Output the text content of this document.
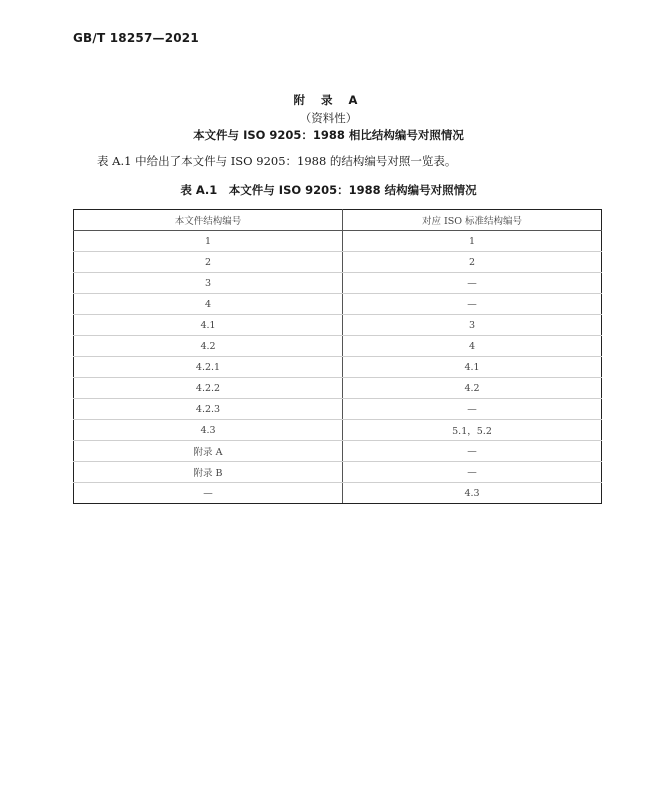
GB/T 18257—2021
附 录 A
（资料性）
本文件与 ISO 9205：1988 相比结构编号对照情况
表 A.1 中给出了本文件与 ISO 9205：1988 的结构编号对照一览表。
表 A.1　本文件与 ISO 9205：1988 结构编号对照情况
本文件结构编号	对应 ISO 标准结构编号
1	1
2	2
3	—
4	—
4.1	3
4.2	4
4.2.1	4.1
4.2.2	4.2
4.2.3	—
4.3	5.1，5.2
附录 A	—
附录 B	—
—	4.3
